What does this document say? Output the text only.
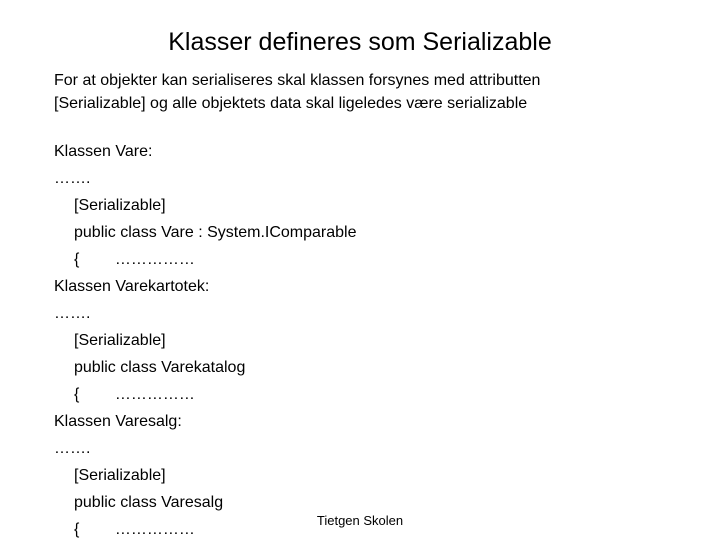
Klasser defineres som Serializable
For at objekter kan serialiseres skal klassen forsynes med attributten
[Serializable] og alle objektets data skal ligeledes være serializable
Klassen Vare:
…….
[Serializable]
public class Vare : System.IComparable
{        ……………
Klassen Varekartotek:
…….
[Serializable]
public class Varekatalog
{        ……………
Klassen Varesalg:
…….
[Serializable]
public class Varesalg
{        ……………
Tietgen Skolen
